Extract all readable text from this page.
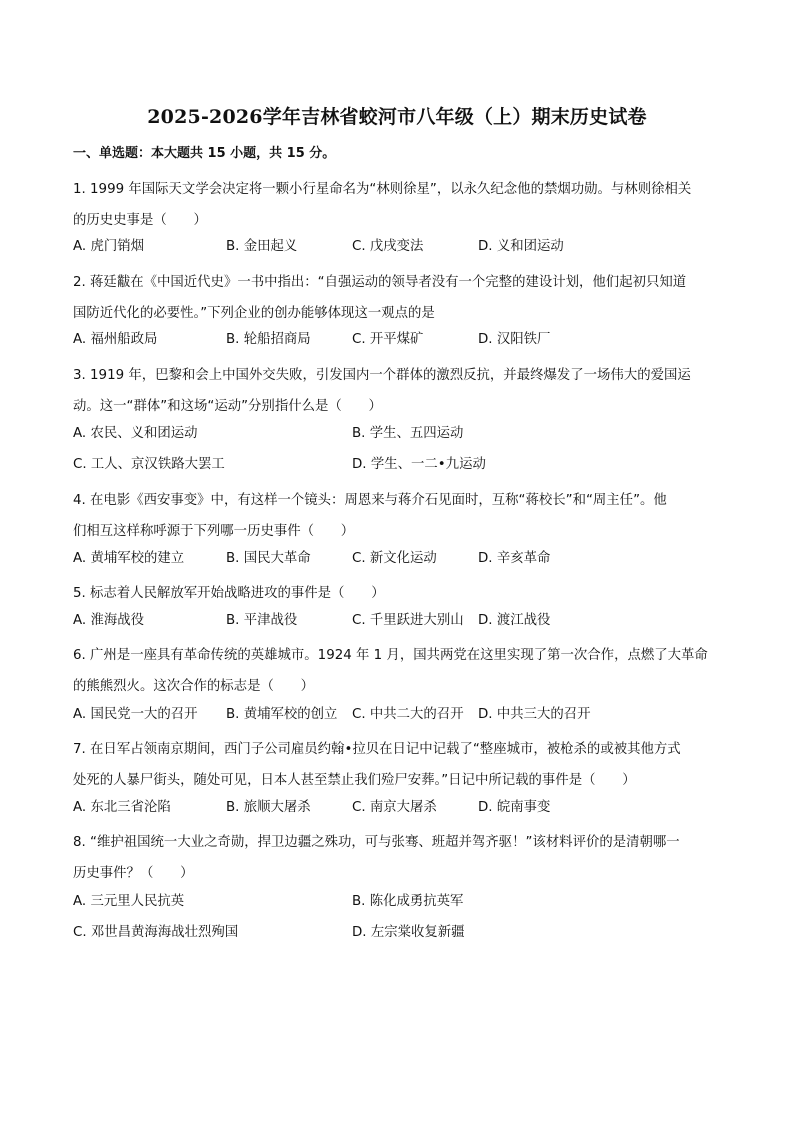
2025-2026学年吉林省蛟河市八年级（上）期末历史试卷
一、单选题：本大题共 15 小题，共 15 分。
1. 1999 年国际天文学会决定将一颗小行星命名为“林则徐星”，以永久纪念他的禁烟功勋。与林则徐相关
的历史史事是（　　）
A. 虎门销烟	B. 金田起义	C. 戊戌变法	D. 义和团运动
2. 蒋廷黻在《中国近代史》一书中指出：“自强运动的领导者没有一个完整的建设计划，他们起初只知道
国防近代化的必要性。”下列企业的创办能够体现这一观点的是
A. 福州船政局	B. 轮船招商局	C. 开平煤矿	D. 汉阳铁厂
3. 1919 年，巴黎和会上中国外交失败，引发国内一个群体的激烈反抗，并最终爆发了一场伟大的爱国运
动。这一“群体”和这场“运动”分别指什么是（　　）
A. 农民、义和团运动	B. 学生、五四运动
C. 工人、京汉铁路大罢工	D. 学生、一二•九运动
4. 在电影《西安事变》中，有这样一个镜头：周恩来与蒋介石见面时，互称“蒋校长”和“周主任”。他
们相互这样称呼源于下列哪一历史事件（　　）
A. 黄埔军校的建立	B. 国民大革命	C. 新文化运动	D. 辛亥革命
5. 标志着人民解放军开始战略进攻的事件是（　　）
A. 淮海战役	B. 平津战役	C. 千里跃进大别山 D. 渡江战役
6. 广州是一座具有革命传统的英雄城市。1924 年 1 月，国共两党在这里实现了第一次合作，点燃了大革命
的熊熊烈火。这次合作的标志是（　　）
A. 国民党一大的召开 B. 黄埔军校的创立 C. 中共二大的召开 D. 中共三大的召开
7. 在日军占领南京期间，西门子公司雇员约翰•拉贝在日记中记载了“整座城市，被枪杀的或被其他方式
处死的人暴尸街头，随处可见，日本人甚至禁止我们殓尸安葬。”日记中所记载的事件是（　　）
A. 东北三省沦陷	B. 旅顺大屠杀	C. 南京大屠杀	D. 皖南事变
8. “维护祖国统一大业之奇勋，捍卫边疆之殊功，可与张骞、班超并驾齐驱！”该材料评价的是清朝哪一
历史事件？（　　）
A. 三元里人民抗英	B. 陈化成勇抗英军
C. 邓世昌黄海海战壮烈殉国	D. 左宗棠收复新疆
